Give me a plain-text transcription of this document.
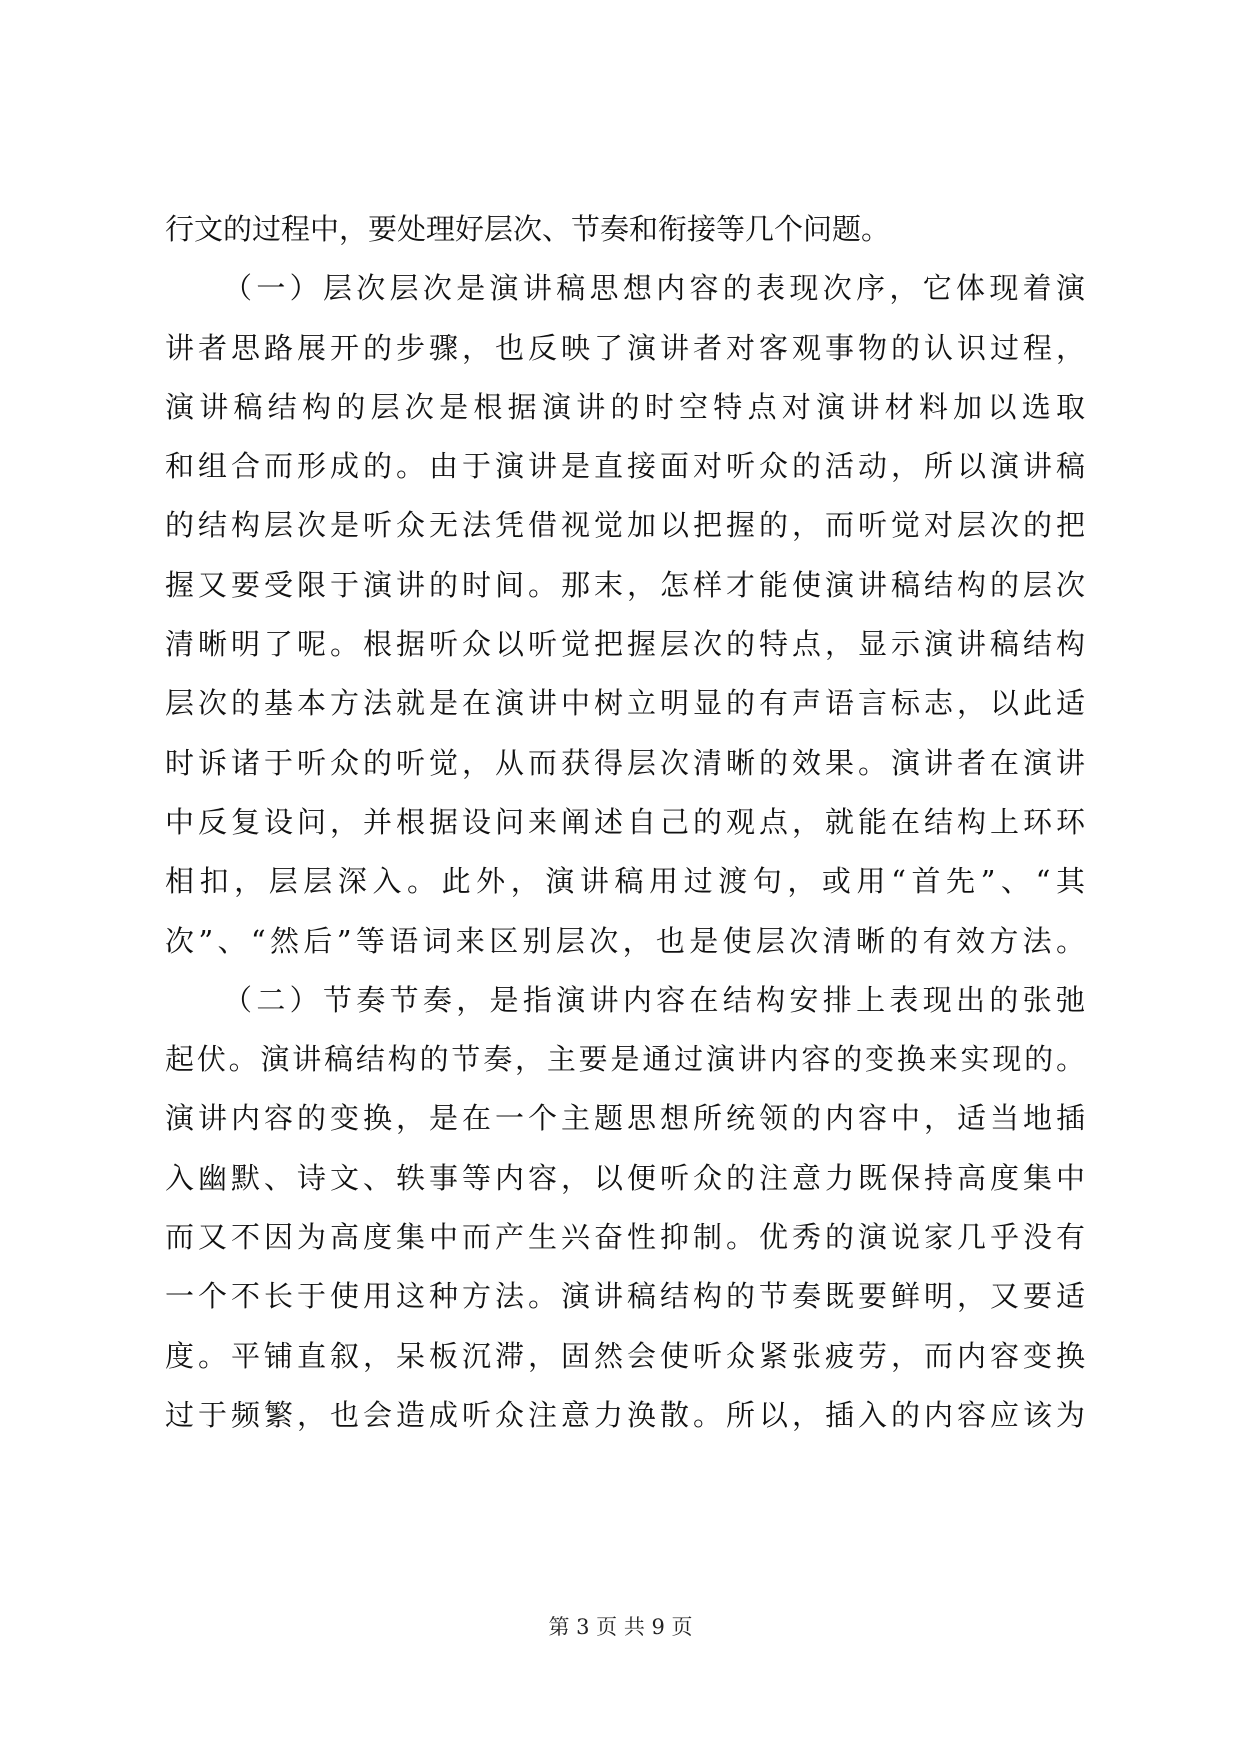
行文的过程中，要处理好层次、节奏和衔接等几个问题。
（一）层次层次是演讲稿思想内容的表现次序，它体现着演
讲者思路展开的步骤，也反映了演讲者对客观事物的认识过程，
演讲稿结构的层次是根据演讲的时空特点对演讲材料加以选取
和组合而形成的。由于演讲是直接面对听众的活动，所以演讲稿
的结构层次是听众无法凭借视觉加以把握的，而听觉对层次的把
握又要受限于演讲的时间。那末，怎样才能使演讲稿结构的层次
清晰明了呢。根据听众以听觉把握层次的特点，显示演讲稿结构
层次的基本方法就是在演讲中树立明显的有声语言标志，以此适
时诉诸于听众的听觉，从而获得层次清晰的效果。演讲者在演讲
中反复设问，并根据设问来阐述自己的观点，就能在结构上环环
相扣，层层深入。此外，演讲稿用过渡句，或用“首先”、“其
次”、“然后”等语词来区别层次，也是使层次清晰的有效方法。
（二）节奏节奏，是指演讲内容在结构安排上表现出的张弛
起伏。演讲稿结构的节奏，主要是通过演讲内容的变换来实现的。
演讲内容的变换，是在一个主题思想所统领的内容中，适当地插
入幽默、诗文、轶事等内容，以便听众的注意力既保持高度集中
而又不因为高度集中而产生兴奋性抑制。优秀的演说家几乎没有
一个不长于使用这种方法。演讲稿结构的节奏既要鲜明，又要适
度。平铺直叙，呆板沉滞，固然会使听众紧张疲劳，而内容变换
过于频繁，也会造成听众注意力涣散。所以，插入的内容应该为
第 3 页 共 9 页
